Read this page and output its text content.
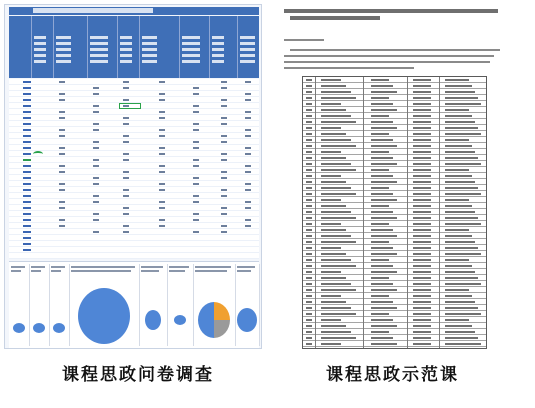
课程思政问卷调查	课程思政示范课
